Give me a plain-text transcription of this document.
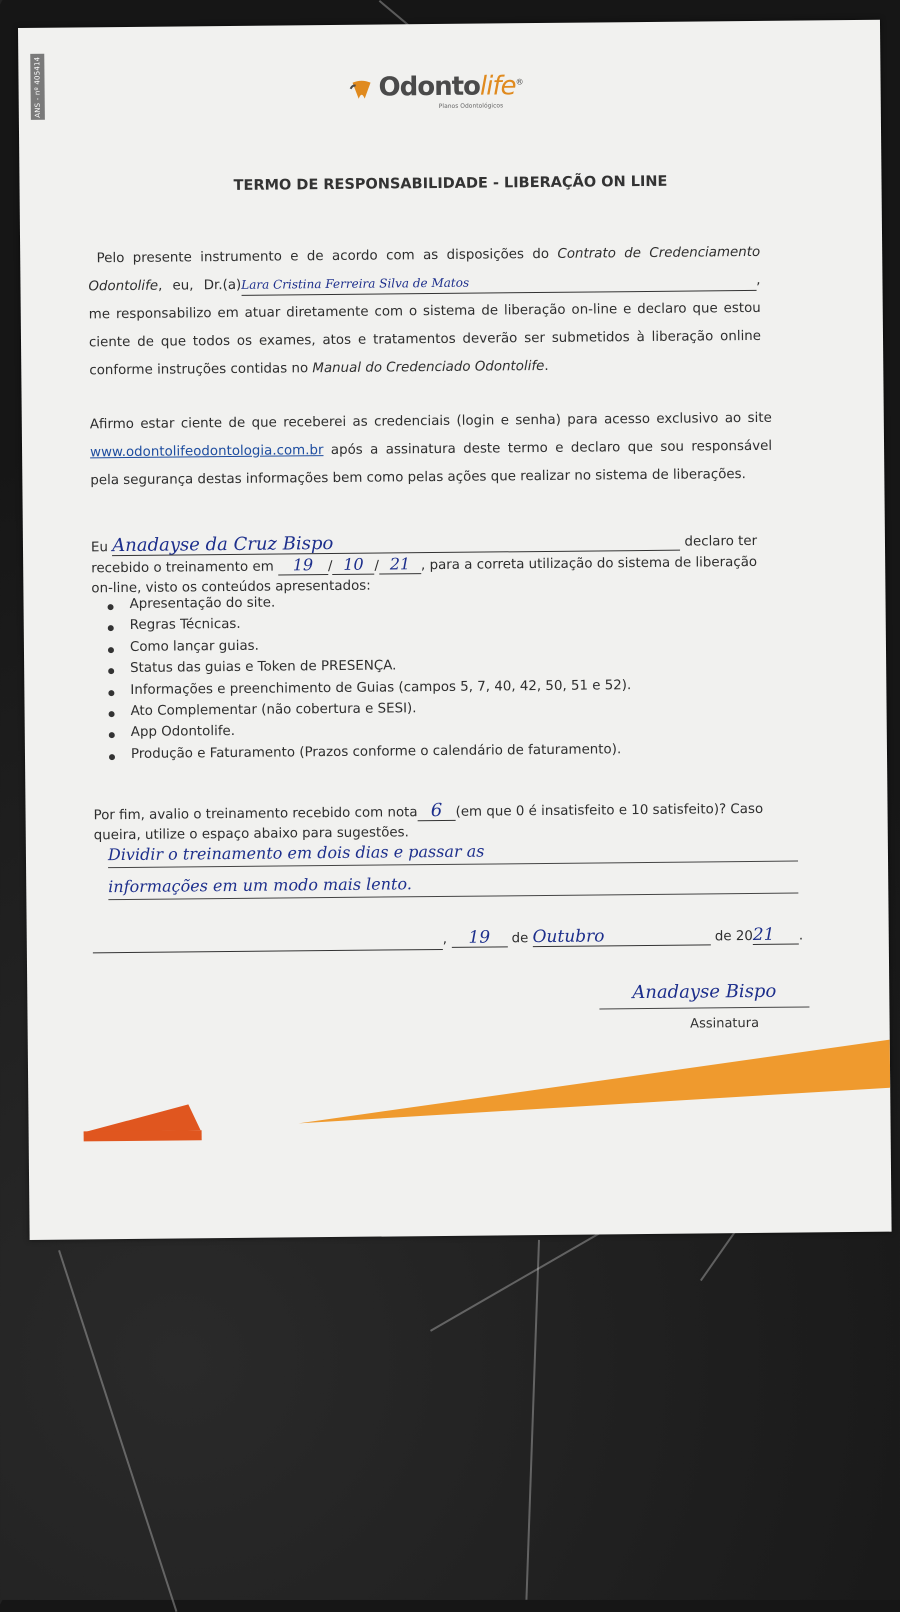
ANS - nº 405414	Odontolife®
Planos Odontológicos
TERMO DE RESPONSABILIDADE - LIBERAÇÃO ON LINE
Pelo presente instrumento e de acordo com as disposições do Contrato de Credenciamento Odontolife, eu, Dr.(a)Lara Cristina Ferreira Silva de Matos	, me responsabilizo em atuar diretamente com o sistema de liberação on-line e declaro que estou ciente de que todos os exames, atos e tratamentos deverão ser submetidos à liberação online conforme instruções contidas no Manual do Credenciado Odontolife.
Afirmo estar ciente de que receberei as credenciais (login e senha) para acesso exclusivo ao site www.odontolifeodontologia.com.br após a assinatura deste termo e declaro que sou responsável pela segurança destas informações bem como pelas ações que realizar no sistema de liberações.
Eu Anadayse da Cruz Bispo	declaro ter recebido o treinamento em 19 / 10 / 21 , para a correta utilização do sistema de liberação on-line, visto os conteúdos apresentados:
Apresentação do site.
Regras Técnicas.
Como lançar guias.
Status das guias e Token de PRESENÇA.
Informações e preenchimento de Guias (campos 5, 7, 40, 42, 50, 51 e 52).
Ato Complementar (não cobertura e SESI).
App Odontolife.
Produção e Faturamento (Prazos conforme o calendário de faturamento).
Por fim, avalio o treinamento recebido com nota 6 (em que 0 é insatisfeito e 10 satisfeito)? Caso queira, utilize o espaço abaixo para sugestões.
Dividir o treinamento em dois dias e passar as
informações em um modo mais lento.
, 19 de Outubro	de 2021 .
Anadayse Bispo
Assinatura
